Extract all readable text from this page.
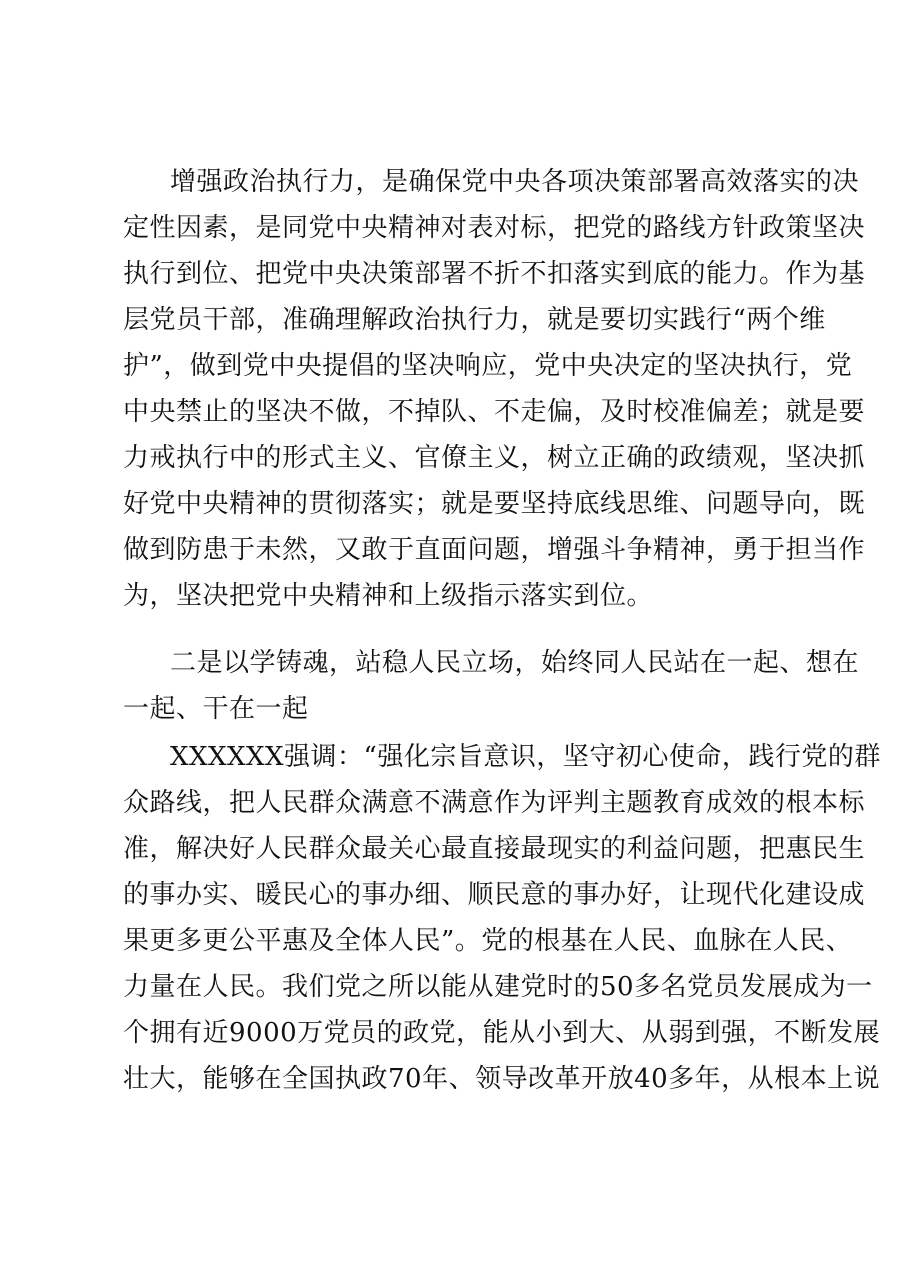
增强政治执行力，是确保党中央各项决策部署高效落实的决
定性因素，是同党中央精神对表对标，把党的路线方针政策坚决
执行到位、把党中央决策部署不折不扣落实到底的能力。作为基
层党员干部，准确理解政治执行力，就是要切实践行“两个维
护”，做到党中央提倡的坚决响应，党中央决定的坚决执行，党
中央禁止的坚决不做，不掉队、不走偏，及时校准偏差；就是要
力戒执行中的形式主义、官僚主义，树立正确的政绩观，坚决抓
好党中央精神的贯彻落实；就是要坚持底线思维、问题导向，既
做到防患于未然，又敢于直面问题，增强斗争精神，勇于担当作
为，坚决把党中央精神和上级指示落实到位。
二是以学铸魂，站稳人民立场，始终同人民站在一起、想在
一起、干在一起
XXXXXX强调：“强化宗旨意识，坚守初心使命，践行党的群
众路线，把人民群众满意不满意作为评判主题教育成效的根本标
准，解决好人民群众最关心最直接最现实的利益问题，把惠民生
的事办实、暖民心的事办细、顺民意的事办好，让现代化建设成
果更多更公平惠及全体人民”。党的根基在人民、血脉在人民、
力量在人民。我们党之所以能从建党时的50多名党员发展成为一
个拥有近9000万党员的政党，能从小到大、从弱到强，不断发展
壮大，能够在全国执政70年、领导改革开放40多年，从根本上说
